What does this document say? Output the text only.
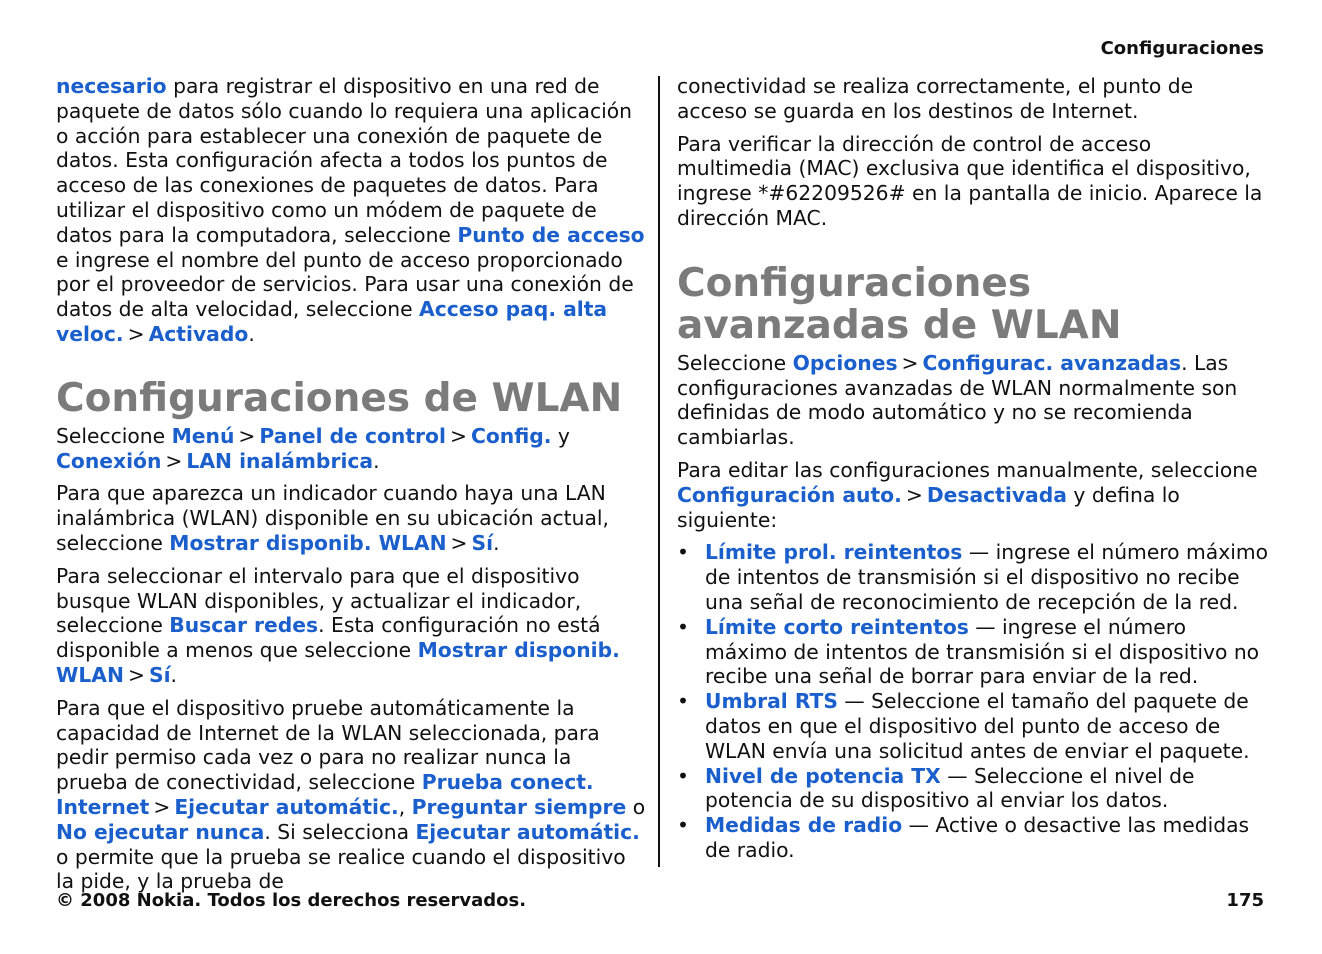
Configuraciones

necesario para registrar el dispositivo en una red de paquete de datos sólo cuando lo requiera una aplicación o acción para establecer una conexión de paquete de datos. Esta configuración afecta a todos los puntos de acceso de las conexiones de paquetes de datos. Para utilizar el dispositivo como un módem de paquete de datos para la computadora, seleccione Punto de acceso e ingrese el nombre del punto de acceso proporcionado por el proveedor de servicios. Para usar una conexión de datos de alta velocidad, seleccione Acceso paq. alta veloc. > Activado.

Configuraciones de WLAN

Seleccione Menú > Panel de control > Config. y Conexión > LAN inalámbrica.

Para que aparezca un indicador cuando haya una LAN inalámbrica (WLAN) disponible en su ubicación actual, seleccione Mostrar disponib. WLAN > Sí.

Para seleccionar el intervalo para que el dispositivo busque WLAN disponibles, y actualizar el indicador, seleccione Buscar redes. Esta configuración no está disponible a menos que seleccione Mostrar disponib. WLAN > Sí.

Para que el dispositivo pruebe automáticamente la capacidad de Internet de la WLAN seleccionada, para pedir permiso cada vez o para no realizar nunca la prueba de conectividad, seleccione Prueba conect. Internet > Ejecutar automátic., Preguntar siempre o No ejecutar nunca. Si selecciona Ejecutar automátic. o permite que la prueba se realice cuando el dispositivo la pide, y la prueba de

conectividad se realiza correctamente, el punto de acceso se guarda en los destinos de Internet.

Para verificar la dirección de control de acceso multimedia (MAC) exclusiva que identifica el dispositivo, ingrese *#62209526# en la pantalla de inicio. Aparece la dirección MAC.

Configuraciones avanzadas de WLAN

Seleccione Opciones > Configurac. avanzadas. Las configuraciones avanzadas de WLAN normalmente son definidas de modo automático y no se recomienda cambiarlas.

Para editar las configuraciones manualmente, seleccione Configuración auto. > Desactivada y defina lo siguiente:

• Límite prol. reintentos — ingrese el número máximo de intentos de transmisión si el dispositivo no recibe una señal de reconocimiento de recepción de la red.
• Límite corto reintentos — ingrese el número máximo de intentos de transmisión si el dispositivo no recibe una señal de borrar para enviar de la red.
• Umbral RTS — Seleccione el tamaño del paquete de datos en que el dispositivo del punto de acceso de WLAN envía una solicitud antes de enviar el paquete.
• Nivel de potencia TX — Seleccione el nivel de potencia de su dispositivo al enviar los datos.
• Medidas de radio — Active o desactive las medidas de radio.
© 2008 Nokia. Todos los derechos reservados.	175
